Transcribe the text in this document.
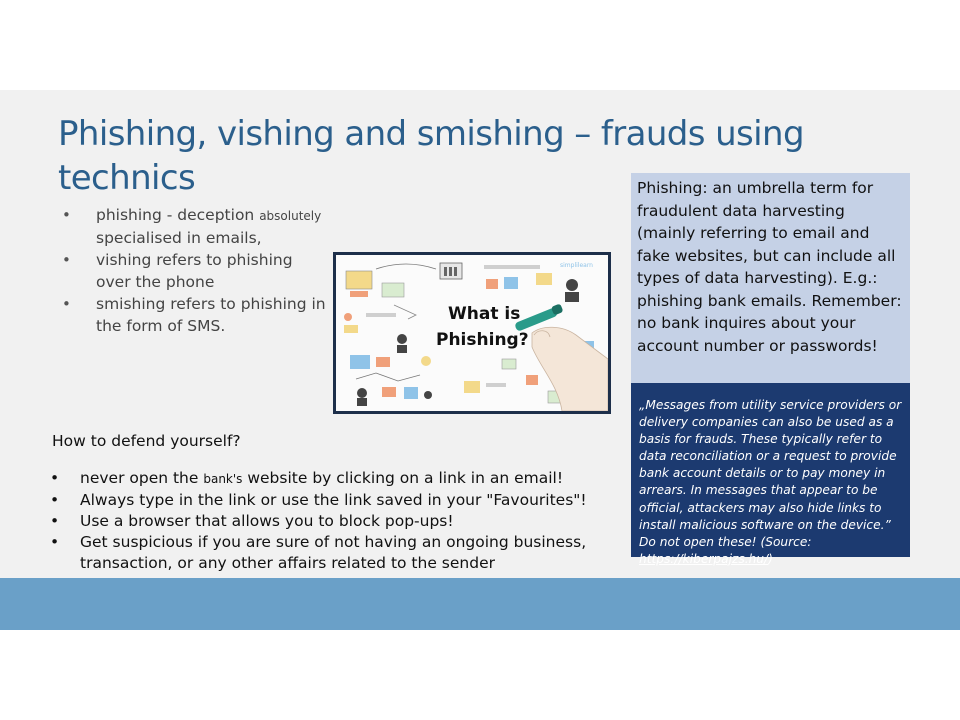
Phishing, vishing and smishing – frauds using technics
• phishing - deception absolutely specialised in emails,
• vishing refers to phishing over the phone
• smishing refers to phishing in the form of SMS.
simplilearn
What is
Phishing?

How to defend yourself?

• never open the bank's website by clicking on a link in an email!
• Always type in the link or use the link saved in your "Favourites"!
• Use a browser that allows you to block pop-ups!
• Get suspicious if you are sure of not having an ongoing business, transaction, or any other affairs related to the sender
Phishing: an umbrella term for fraudulent data harvesting (mainly referring to email and fake websites, but can include all types of data harvesting). E.g.: phishing bank emails. Remember: no bank inquires about your account number or passwords!
„Messages from utility service providers or delivery companies can also be used as a basis for frauds. These typically refer to data reconciliation or a request to provide bank account details or to pay money in arrears. In messages that appear to be official, attackers may also hide links to install malicious software on the device.” Do not open these! (Source: https://kiberpajzs.hu/)
